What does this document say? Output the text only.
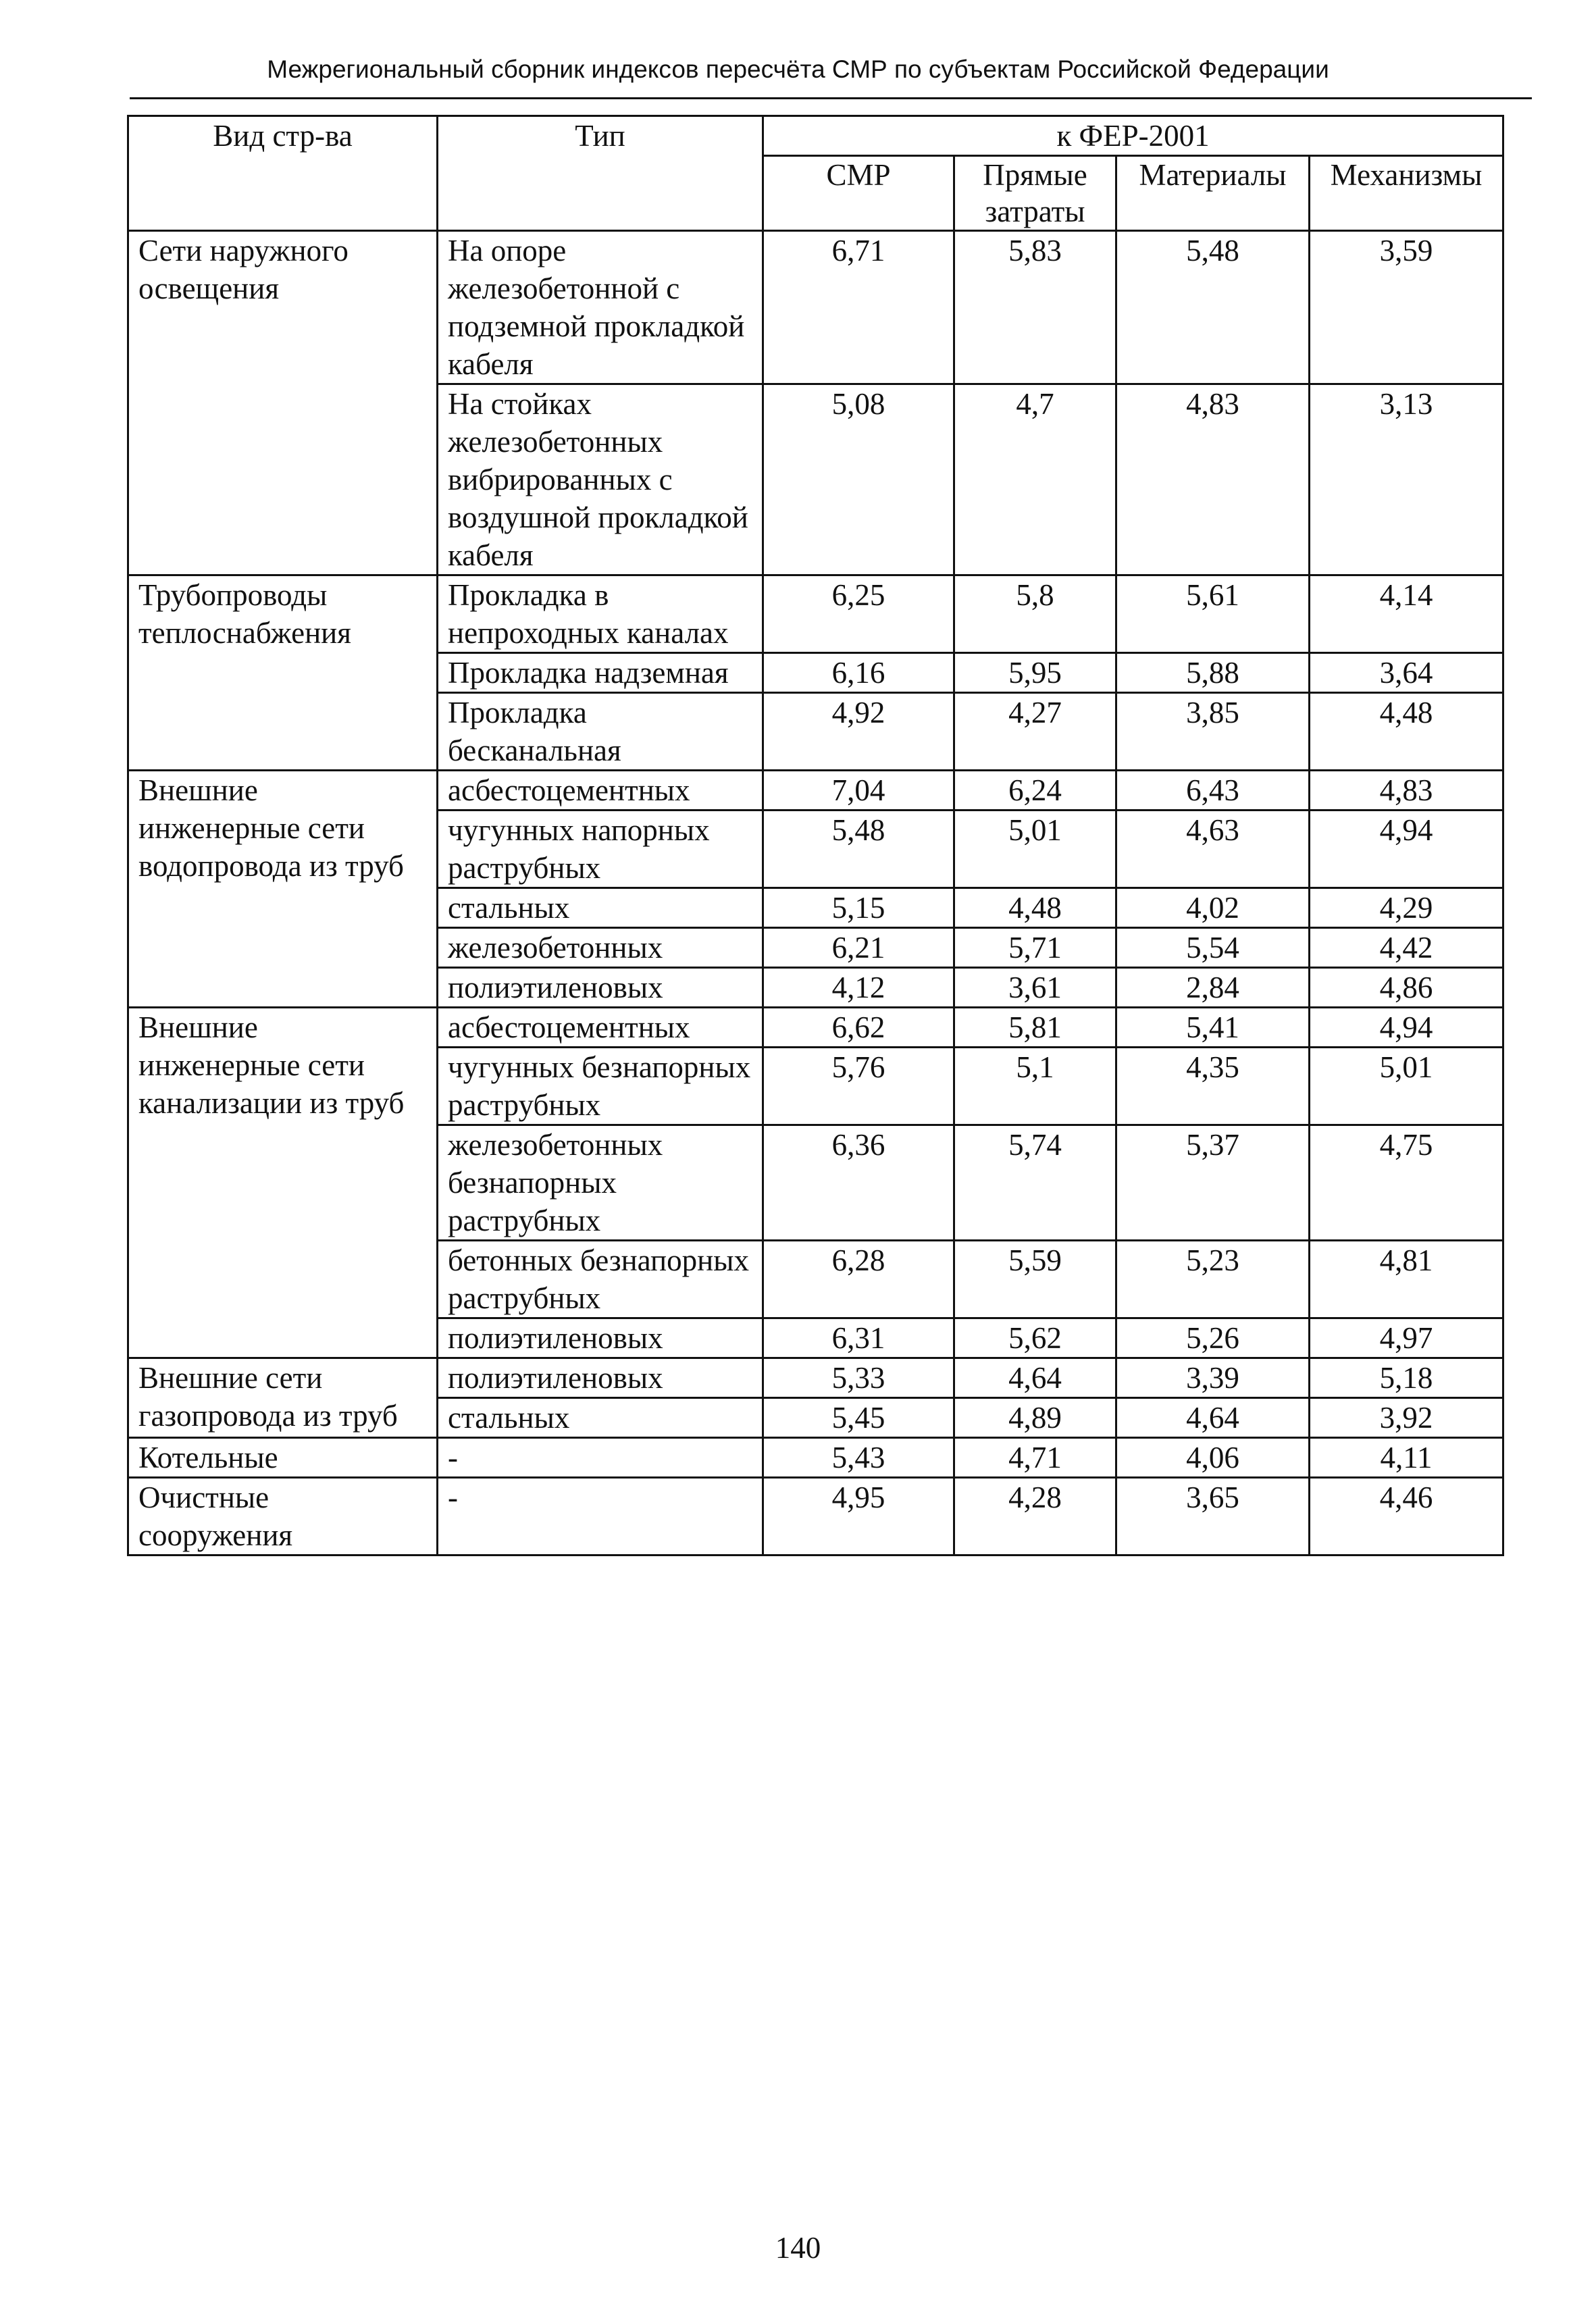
Межрегиональный сборник индексов пересчёта СМР по субъектам Российской Федерации
Вид стр-ва	Тип	к ФЕР-2001			
		СМР	Прямые затраты	Материалы	Механизмы
Сети наружного освещения	На опоре железобетонной с подземной прокладкой кабеля	6,71	5,83	5,48	3,59
	На стойках железобетонных вибрированных с воздушной прокладкой кабеля	5,08	4,7	4,83	3,13
Трубопроводы теплоснабжения	Прокладка в непроходных каналах	6,25	5,8	5,61	4,14
	Прокладка надземная	6,16	5,95	5,88	3,64
	Прокладка бесканальная	4,92	4,27	3,85	4,48
Внешние инженерные сети водопровода из труб	асбестоцементных	7,04	6,24	6,43	4,83
	чугунных напорных раструбных	5,48	5,01	4,63	4,94
	стальных	5,15	4,48	4,02	4,29
	железобетонных	6,21	5,71	5,54	4,42
	полиэтиленовых	4,12	3,61	2,84	4,86
Внешние инженерные сети канализации из труб	асбестоцементных	6,62	5,81	5,41	4,94
	чугунных безнапорных раструбных	5,76	5,1	4,35	5,01
	железобетонных безнапорных раструбных	6,36	5,74	5,37	4,75
	бетонных безнапорных раструбных	6,28	5,59	5,23	4,81
	полиэтиленовых	6,31	5,62	5,26	4,97
Внешние сети газопровода из труб	полиэтиленовых	5,33	4,64	3,39	5,18
	стальных	5,45	4,89	4,64	3,92
Котельные	-	5,43	4,71	4,06	4,11
Очистные сооружения	-	4,95	4,28	3,65	4,46
140
